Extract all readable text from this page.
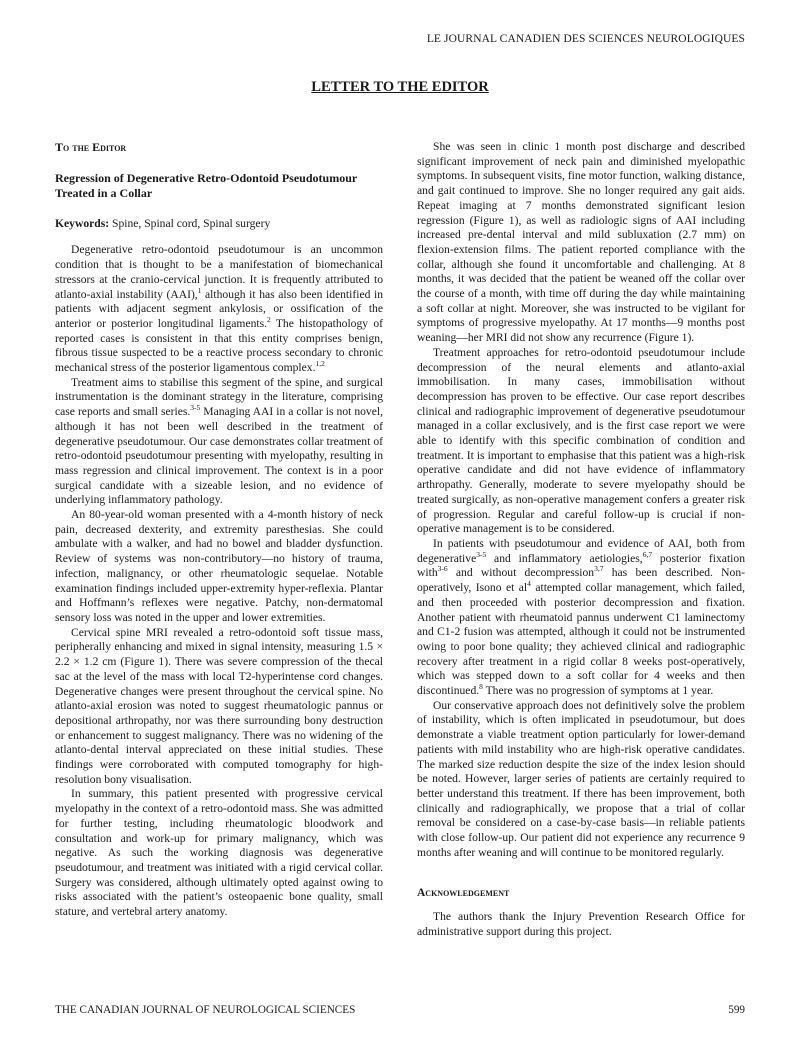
LE JOURNAL CANADIEN DES SCIENCES NEUROLOGIQUES
LETTER TO THE EDITOR
To the Editor
Regression of Degenerative Retro-Odontoid Pseudotumour Treated in a Collar
Keywords: Spine, Spinal cord, Spinal surgery

Degenerative retro-odontoid pseudotumour is an uncommon condition that is thought to be a manifestation of biomechanical stressors at the cranio-cervical junction. It is frequently attributed to atlanto-axial instability (AAI),$^1$ although it has also been identified in patients with adjacent segment ankylosis, or ossification of the anterior or posterior longitudinal ligaments.$^2$ The histopathology of reported cases is consistent in that this entity comprises benign, fibrous tissue suspected to be a reactive process secondary to chronic mechanical stress of the posterior ligamentous complex.$^{1,2}$

Treatment aims to stabilise this segment of the spine, and surgical instrumentation is the dominant strategy in the literature, comprising case reports and small series.$^{3-5}$ Managing AAI in a collar is not novel, although it has not been well described in the treatment of degenerative pseudotumour. Our case demonstrates collar treatment of retro-odontoid pseudotumour presenting with myelopathy, resulting in mass regression and clinical improvement. The context is in a poor surgical candidate with a sizeable lesion, and no evidence of underlying inflammatory pathology.

An 80-year-old woman presented with a 4-month history of neck pain, decreased dexterity, and extremity paresthesias. She could ambulate with a walker, and had no bowel and bladder dysfunction. Review of systems was non-contributory—no history of trauma, infection, malignancy, or other rheumatologic sequelae. Notable examination findings included upper-extremity hyper-reflexia. Plantar and Hoffmann’s reflexes were negative. Patchy, non-dermatomal sensory loss was noted in the upper and lower extremities.

Cervical spine MRI revealed a retro-odontoid soft tissue mass, peripherally enhancing and mixed in signal intensity, measuring 1.5 × 2.2 × 1.2 cm (Figure 1). There was severe compression of the thecal sac at the level of the mass with local T2-hyperintense cord changes. Degenerative changes were present throughout the cervical spine. No atlanto-axial erosion was noted to suggest rheumatologic pannus or depositional arthropathy, nor was there surrounding bony destruction or enhancement to suggest malignancy. There was no widening of the atlanto-dental interval appreciated on these initial studies. These findings were corroborated with computed tomography for high-resolution bony visualisation.

In summary, this patient presented with progressive cervical myelopathy in the context of a retro-odontoid mass. She was admitted for further testing, including rheumatologic bloodwork and consultation and work-up for primary malignancy, which was negative. As such the working diagnosis was degenerative pseudotumour, and treatment was initiated with a rigid cervical collar. Surgery was considered, although ultimately opted against owing to risks associated with the patient’s osteopaenic bone quality, small stature, and vertebral artery anatomy.

She was seen in clinic 1 month post discharge and described significant improvement of neck pain and diminished myelopathic symptoms. In subsequent visits, fine motor function, walking distance, and gait continued to improve. She no longer required any gait aids. Repeat imaging at 7 months demonstrated significant lesion regression (Figure 1), as well as radiologic signs of AAI including increased pre-dental interval and mild subluxation (2.7 mm) on flexion-extension films. The patient reported compliance with the collar, although she found it uncomfortable and challenging. At 8 months, it was decided that the patient be weaned off the collar over the course of a month, with time off during the day while maintaining a soft collar at night. Moreover, she was instructed to be vigilant for symptoms of progressive myelopathy. At 17 months—9 months post weaning—her MRI did not show any recurrence (Figure 1).

Treatment approaches for retro-odontoid pseudotumour include decompression of the neural elements and atlanto-axial immobilisation. In many cases, immobilisation without decompression has proven to be effective. Our case report describes clinical and radiographic improvement of degenerative pseudotumour managed in a collar exclusively, and is the first case report we were able to identify with this specific combination of condition and treatment. It is important to emphasise that this patient was a high-risk operative candidate and did not have evidence of inflammatory arthropathy. Generally, moderate to severe myelopathy should be treated surgically, as non-operative management confers a greater risk of progression. Regular and careful follow-up is crucial if non-operative management is to be considered.

In patients with pseudotumour and evidence of AAI, both from degenerative$^{3-5}$ and inflammatory aetiologies,$^{6,7}$ posterior fixation with$^{3-6}$ and without decompression$^{3,7}$ has been described. Non-operatively, Isono et $al^4$ attempted collar management, which failed, and then proceeded with posterior decompression and fixation. Another patient with rheumatoid pannus underwent C1 laminectomy and C1-2 fusion was attempted, although it could not be instrumented owing to poor bone quality; they achieved clinical and radiographic recovery after treatment in a rigid collar 8 weeks post-operatively, which was stepped down to a soft collar for 4 weeks and then discontinued.$^8$ There was no progression of symptoms at 1 year.

Our conservative approach does not definitively solve the problem of instability, which is often implicated in pseudotumour, but does demonstrate a viable treatment option particularly for lower-demand patients with mild instability who are high-risk operative candidates. The marked size reduction despite the size of the index lesion should be noted. However, larger series of patients are certainly required to better understand this treatment. If there has been improvement, both clinically and radiographically, we propose that a trial of collar removal be considered on a case-by-case basis—in reliable patients with close follow-up. Our patient did not experience any recurrence 9 months after weaning and will continue to be monitored regularly.

Acknowledgement

The authors thank the Injury Prevention Research Office for administrative support during this project.

THE CANADIAN JOURNAL OF NEUROLOGICAL SCIENCES	599
